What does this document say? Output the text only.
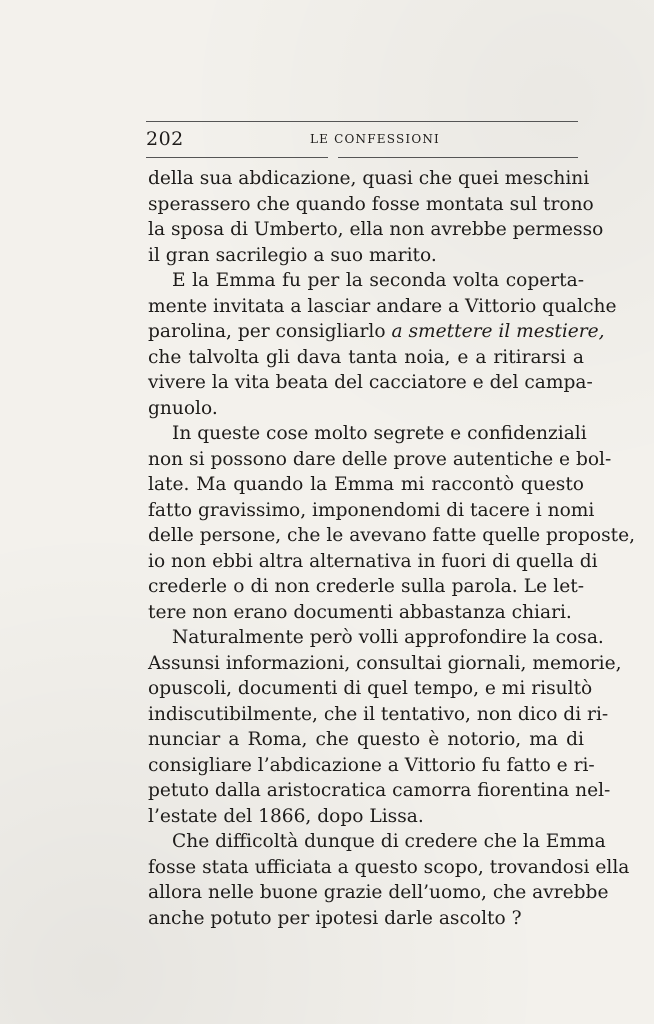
202	LE CONFESSIONI
della sua abdicazione, quasi che quei meschini
sperassero che quando fosse montata sul trono
la sposa di Umberto, ella non avrebbe permesso
il gran sacrilegio a suo marito.
E la Emma fu per la seconda volta coperta-
mente invitata a lasciar andare a Vittorio qualche
parolina, per consigliarlo a smettere il mestiere,
che talvolta gli dava tanta noia, e a ritirarsi a
vivere la vita beata del cacciatore e del campa-
gnuolo.
In queste cose molto segrete e confidenziali
non si possono dare delle prove autentiche e bol-
late. Ma quando la Emma mi raccontò questo
fatto gravissimo, imponendomi di tacere i nomi
delle persone, che le avevano fatte quelle proposte,
io non ebbi altra alternativa in fuori di quella di
crederle o di non crederle sulla parola. Le let-
tere non erano documenti abbastanza chiari.
Naturalmente però volli approfondire la cosa.
Assunsi informazioni, consultai giornali, memorie,
opuscoli, documenti di quel tempo, e mi risultò
indiscutibilmente, che il tentativo, non dico di ri-
nunciar a Roma, che questo è notorio, ma di
consigliare l’abdicazione a Vittorio fu fatto e ri-
petuto dalla aristocratica camorra fiorentina nel-
l’estate del 1866, dopo Lissa.
Che difficoltà dunque di credere che la Emma
fosse stata ufficiata a questo scopo, trovandosi ella
allora nelle buone grazie dell’uomo, che avrebbe
anche potuto per ipotesi darle ascolto ?
